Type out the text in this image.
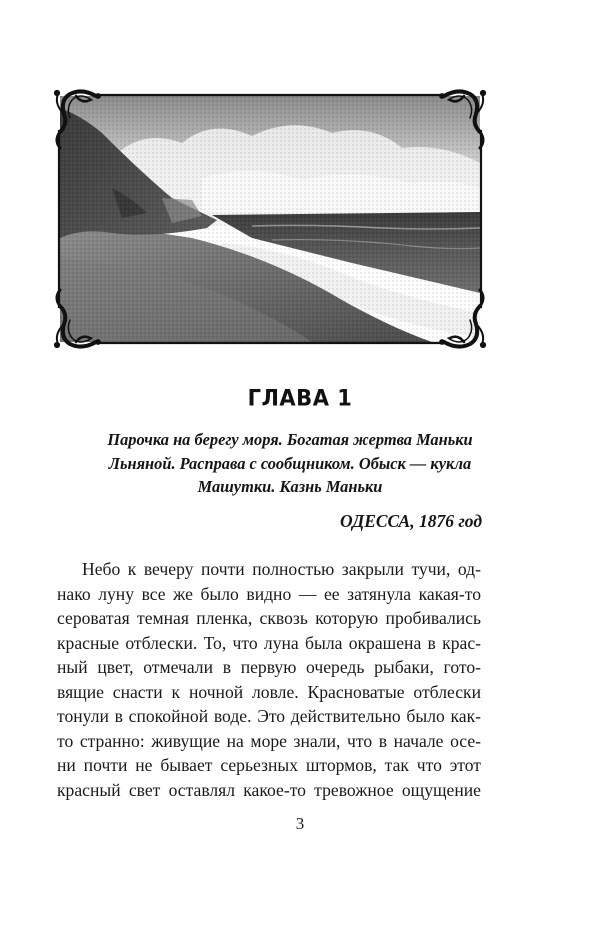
ГЛАВА 1
Парочка на берегу моря. Богатая жертва Маньки
Льняной. Расправа с сообщником. Обыск — кукла
Машутки. Казнь Маньки
ОДЕССА, 1876 год
Небо к вечеру почти полностью закрыли тучи, од-
нако луну все же было видно — ее затянула какая-то
сероватая темная пленка, сквозь которую пробивались
красные отблески. То, что луна была окрашена в крас-
ный цвет, отмечали в первую очередь рыбаки, гото-
вящие снасти к ночной ловле. Красноватые отблески
тонули в спокойной воде. Это действительно было как-
то странно: живущие на море знали, что в начале осе-
ни почти не бывает серьезных штормов, так что этот
красный свет оставлял какое-то тревожное ощущение
3
